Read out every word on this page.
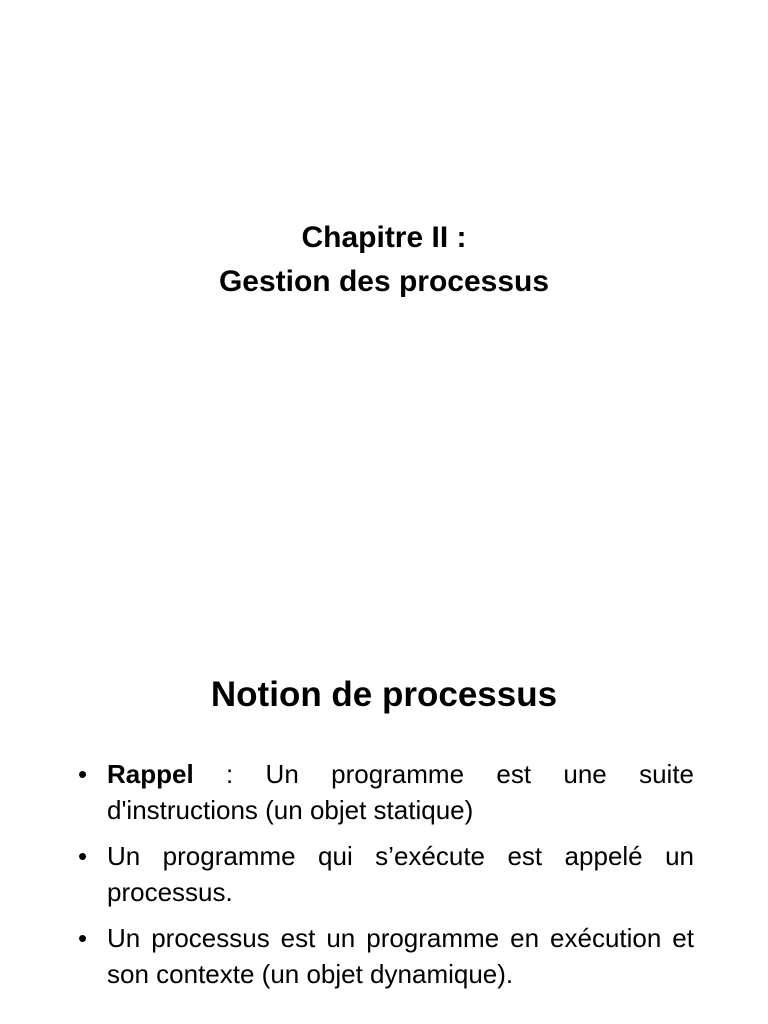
Chapitre II :
Gestion des processus
Notion de processus
• Rappel : Un programme est une suite d'instructions (un objet statique)
• Un programme qui s’exécute est appelé un processus.
• Un processus est un programme en exécution et son contexte (un objet dynamique).
